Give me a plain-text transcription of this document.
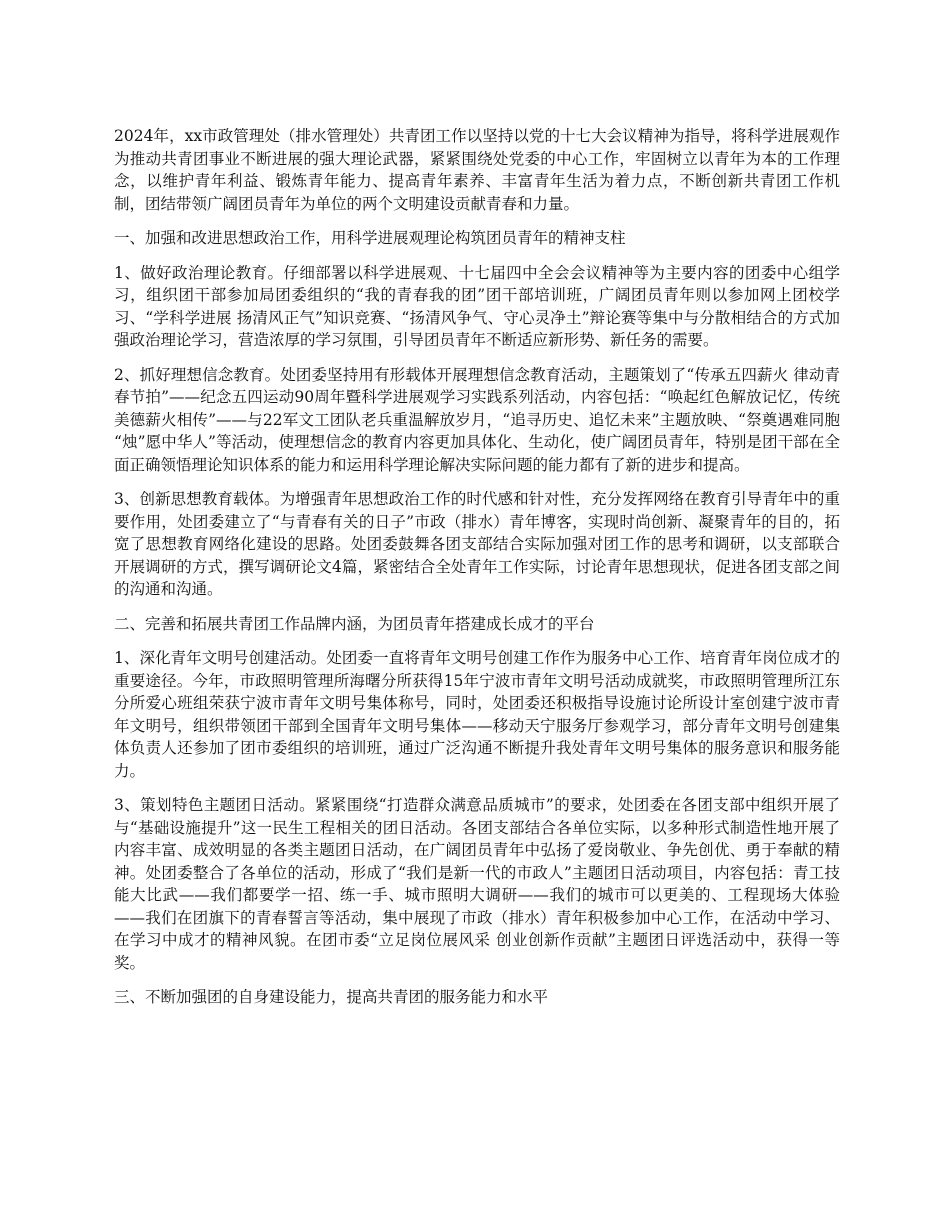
2024年，xx市政管理处（排水管理处）共青团工作以坚持以党的十七大会议精神为指导，将科学进展观作为推动共青团事业不断进展的强大理论武器，紧紧围绕处党委的中心工作，牢固树立以青年为本的工作理念，以维护青年利益、锻炼青年能力、提高青年素养、丰富青年生活为着力点，不断创新共青团工作机制，团结带领广阔团员青年为单位的两个文明建设贡献青春和力量。

一、加强和改进思想政治工作，用科学进展观理论构筑团员青年的精神支柱

1、做好政治理论教育。仔细部署以科学进展观、十七届四中全会会议精神等为主要内容的团委中心组学习，组织团干部参加局团委组织的“我的青春我的团”团干部培训班，广阔团员青年则以参加网上团校学习、“学科学进展 扬清风正气”知识竞赛、“扬清风争气、守心灵净土”辩论赛等集中与分散相结合的方式加强政治理论学习，营造浓厚的学习氛围，引导团员青年不断适应新形势、新任务的需要。

2、抓好理想信念教育。处团委坚持用有形载体开展理想信念教育活动，主题策划了“传承五四薪火 律动青春节拍”——纪念五四运动90周年暨科学进展观学习实践系列活动，内容包括：“唤起红色解放记忆，传统美德薪火相传”——与22军文工团队老兵重温解放岁月，“追寻历史、追忆未来”主题放映、“祭奠遇难同胞 “烛”愿中华人”等活动，使理想信念的教育内容更加具体化、生动化，使广阔团员青年，特别是团干部在全面正确领悟理论知识体系的能力和运用科学理论解决实际问题的能力都有了新的进步和提高。

3、创新思想教育载体。为增强青年思想政治工作的时代感和针对性，充分发挥网络在教育引导青年中的重要作用，处团委建立了“与青春有关的日子”市政（排水）青年博客，实现时尚创新、凝聚青年的目的，拓宽了思想教育网络化建设的思路。处团委鼓舞各团支部结合实际加强对团工作的思考和调研，以支部联合开展调研的方式，撰写调研论文4篇，紧密结合全处青年工作实际，讨论青年思想现状，促进各团支部之间的沟通和沟通。

二、完善和拓展共青团工作品牌内涵，为团员青年搭建成长成才的平台

1、深化青年文明号创建活动。处团委一直将青年文明号创建工作作为服务中心工作、培育青年岗位成才的重要途径。今年，市政照明管理所海曙分所获得15年宁波市青年文明号活动成就奖，市政照明管理所江东分所爱心班组荣获宁波市青年文明号集体称号，同时，处团委还积极指导设施讨论所设计室创建宁波市青年文明号，组织带领团干部到全国青年文明号集体——移动天宁服务厅参观学习，部分青年文明号创建集体负责人还参加了团市委组织的培训班，通过广泛沟通不断提升我处青年文明号集体的服务意识和服务能力。

3、策划特色主题团日活动。紧紧围绕“打造群众满意品质城市”的要求，处团委在各团支部中组织开展了与“基础设施提升”这一民生工程相关的团日活动。各团支部结合各单位实际，以多种形式制造性地开展了内容丰富、成效明显的各类主题团日活动，在广阔团员青年中弘扬了爱岗敬业、争先创优、勇于奉献的精神。处团委整合了各单位的活动，形成了“我们是新一代的市政人”主题团日活动项目，内容包括：青工技能大比武——我们都要学一招、练一手、城市照明大调研——我们的城市可以更美的、工程现场大体验——我们在团旗下的青春誓言等活动，集中展现了市政（排水）青年积极参加中心工作，在活动中学习、在学习中成才的精神风貌。在团市委“立足岗位展风采 创业创新作贡献”主题团日评选活动中，获得一等奖。

三、不断加强团的自身建设能力，提高共青团的服务能力和水平
